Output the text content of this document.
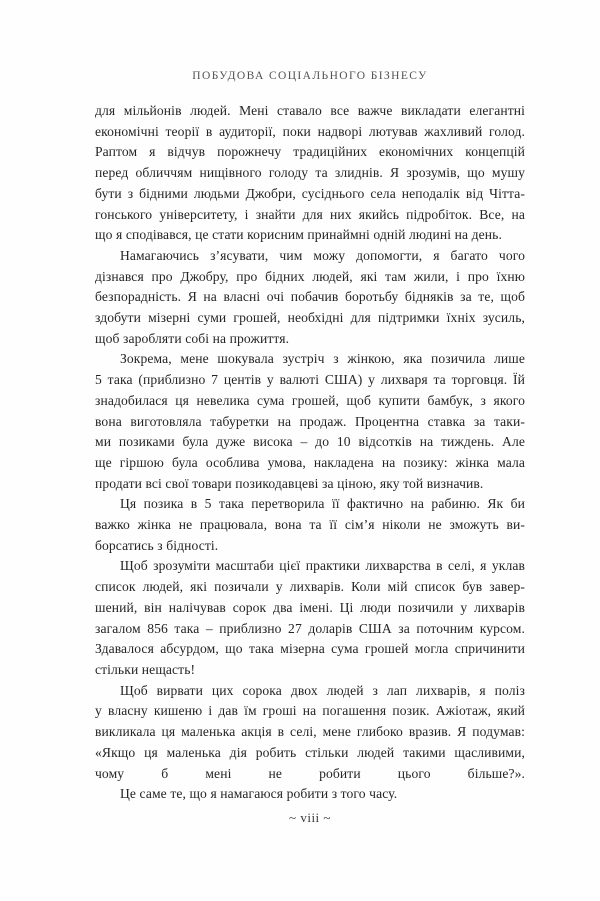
ПОБУДОВА СОЦІАЛЬНОГО БІЗНЕСУ
для мільйонів людей. Мені ставало все важче викладати елегантні
економічні теорії в аудиторії, поки надворі лютував жахливий голод.
Раптом я відчув порожнечу традиційних економічних концепцій
перед обличчям нищівного голоду та злиднів. Я зрозумів, що мушу
бути з бідними людьми Джобри, сусіднього села неподалік від Чітта-
гонського університету, і знайти для них якийсь підробіток. Все, на
що я сподівався, це стати корисним принаймні одній людині на день.
Намагаючись з’ясувати, чим можу допомогти, я багато чого
дізнався про Джобру, про бідних людей, які там жили, і про їхню
безпорадність. Я на власні очі побачив боротьбу бідняків за те, щоб
здобути мізерні суми грошей, необхідні для підтримки їхніх зусиль,
щоб заробляти собі на прожиття.
Зокрема, мене шокувала зустріч з жінкою, яка позичила лише
5 така (приблизно 7 центів у валюті США) у лихваря та торговця. Їй
знадобилася ця невелика сума грошей, щоб купити бамбук, з якого
вона виготовляла табуретки на продаж. Процентна ставка за таки-
ми позиками була дуже висока – до 10 відсотків на тиждень. Але
ще гіршою була особлива умова, накладена на позику: жінка мала
продати всі свої товари позикодавцеві за ціною, яку той визначив.
Ця позика в 5 така перетворила її фактично на рабиню. Як би
важко жінка не працювала, вона та її сім’я ніколи не зможуть ви-
борсатись з бідності.
Щоб зрозуміти масштаби цієї практики лихварства в селі, я уклав
список людей, які позичали у лихварів. Коли мій список був завер-
шений, він налічував сорок два імені. Ці люди позичили у лихварів
загалом 856 така – приблизно 27 доларів США за поточним курсом.
Здавалося абсурдом, що така мізерна сума грошей могла спричинити
стільки нещасть!
Щоб вирвати цих сорока двох людей з лап лихварів, я поліз
у власну кишеню і дав їм гроші на погашення позик. Ажіотаж, який
викликала ця маленька акція в селі, мене глибоко вразив. Я подумав:
«Якщо ця маленька дія робить стільки людей такими щасливими,
чому б мені не робити цього більше?».
Це саме те, що я намагаюся робити з того часу.
~ viii ~
